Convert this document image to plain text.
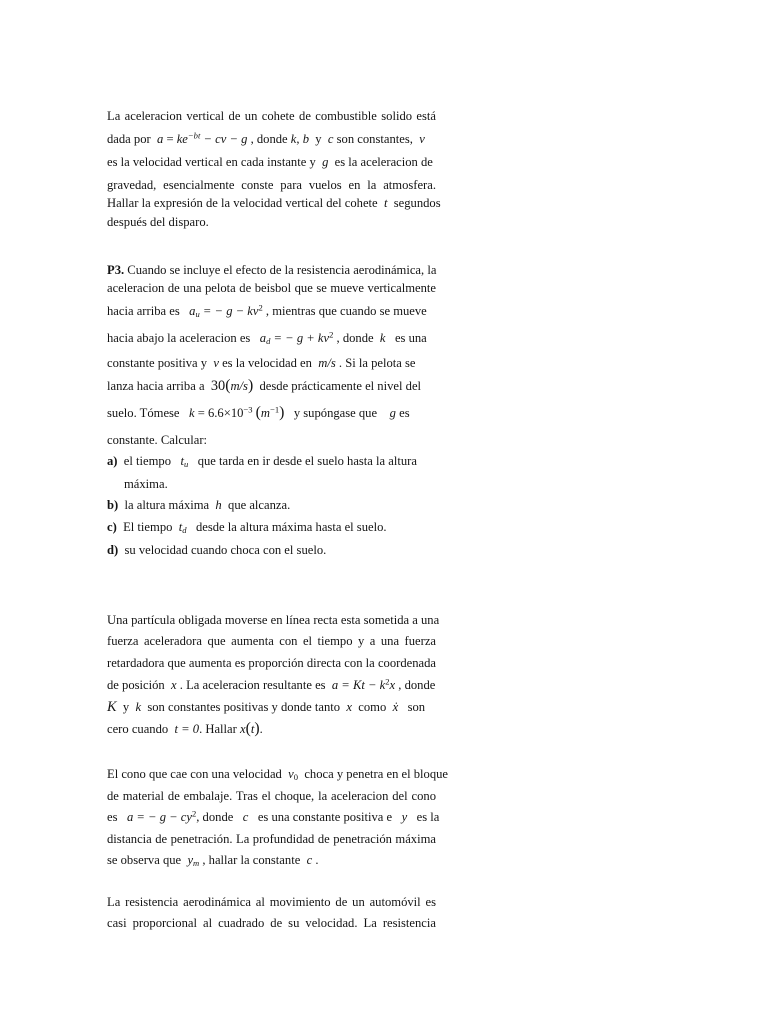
La aceleracion vertical de un cohete de combustible solido está
dada por $a = ke^{-bt}$ − cv − g , donde k, b y c son constantes, v
es la velocidad vertical en cada instante y g es la aceleracion de
gravedad, esencialmente conste para vuelos en la atmosfera.
Hallar la expresión de la velocidad vertical del cohete t segundos
después del disparo.
P3. Cuando se incluye el efecto de la resistencia aerodinámica, la
aceleracion de una pelota de beisbol que se mueve verticalmente
hacia arriba es $a_u$ = − $g - kv^2$ , mientras que cuando se mueve
hacia abajo la aceleracion es $a_d$ = − $g + kv^2$ , donde k es una
constante positiva y v es la velocidad en m/s . Si la pelota se
lanza hacia arriba a 30(m/s) desde prácticamente el nivel del
suelo. Tómese $k = 6.6\times 10^{-3}$ $(m^{-1})$ y supóngase que g es
constante. Calcular:
a) el tiempo $t_u$ que tarda en ir desde el suelo hasta la altura
máxima.
b) la altura máxima h que alcanza.
c) El tiempo $t_d$ desde la altura máxima hasta el suelo.
d) su velocidad cuando choca con el suelo.
Una partícula obligada moverse en línea recta esta sometida a una
fuerza aceleradora que aumenta con el tiempo y a una fuerza
retardadora que aumenta es proporción directa con la coordenada
de posición x . La aceleracion resultante es $a = Kt - k^2x$ , donde
K y k son constantes positivas y donde tanto x como ẋ son
cero cuando t = 0. Hallar x(t).
El cono que cae con una velocidad $v_0$ choca y penetra en el bloque
de material de embalaje. Tras el choque, la aceleracion del cono
es a = − $g - cy^2$, donde c es una constante positiva e y es la
distancia de penetración. La profundidad de penetración máxima
se observa que $y_m$ , hallar la constante c .
La resistencia aerodinámica al movimiento de un automóvil es
casi proporcional al cuadrado de su velocidad. La resistencia
